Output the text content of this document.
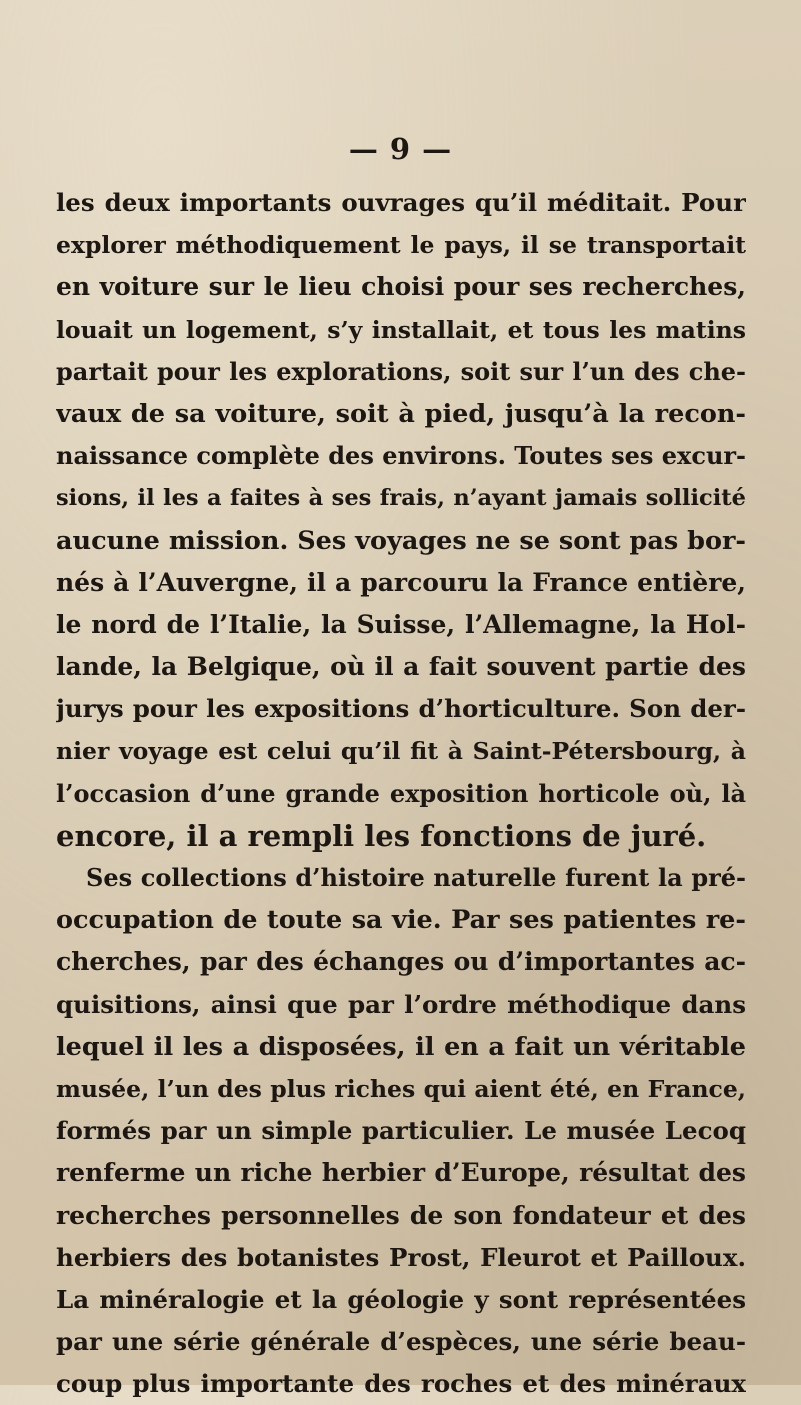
— 9 —
les deux importants ouvrages qu’il méditait. Pour
explorer méthodiquement le pays, il se transportait
en voiture sur le lieu choisi pour ses recherches,
louait un logement, s’y installait, et tous les matins
partait pour les explorations, soit sur l’un des che-
vaux de sa voiture, soit à pied, jusqu’à la recon-
naissance complète des environs. Toutes ses excur-
sions, il les a faites à ses frais, n’ayant jamais sollicité
aucune mission. Ses voyages ne se sont pas bor-
nés à l’Auvergne, il a parcouru la France entière,
le nord de l’Italie, la Suisse, l’Allemagne, la Hol-
lande, la Belgique, où il a fait souvent partie des
jurys pour les expositions d’horticulture. Son der-
nier voyage est celui qu’il fit à Saint-Pétersbourg, à
l’occasion d’une grande exposition horticole où, là
encore, il a rempli les fonctions de juré.
Ses collections d’histoire naturelle furent la pré-
occupation de toute sa vie. Par ses patientes re-
cherches, par des échanges ou d’importantes ac-
quisitions, ainsi que par l’ordre méthodique dans
lequel il les a disposées, il en a fait un véritable
musée, l’un des plus riches qui aient été, en France,
formés par un simple particulier. Le musée Lecoq
renferme un riche herbier d’Europe, résultat des
recherches personnelles de son fondateur et des
herbiers des botanistes Prost, Fleurot et Pailloux.
La minéralogie et la géologie y sont représentées
par une série générale d’espèces, une série beau-
coup plus importante des roches et des minéraux
